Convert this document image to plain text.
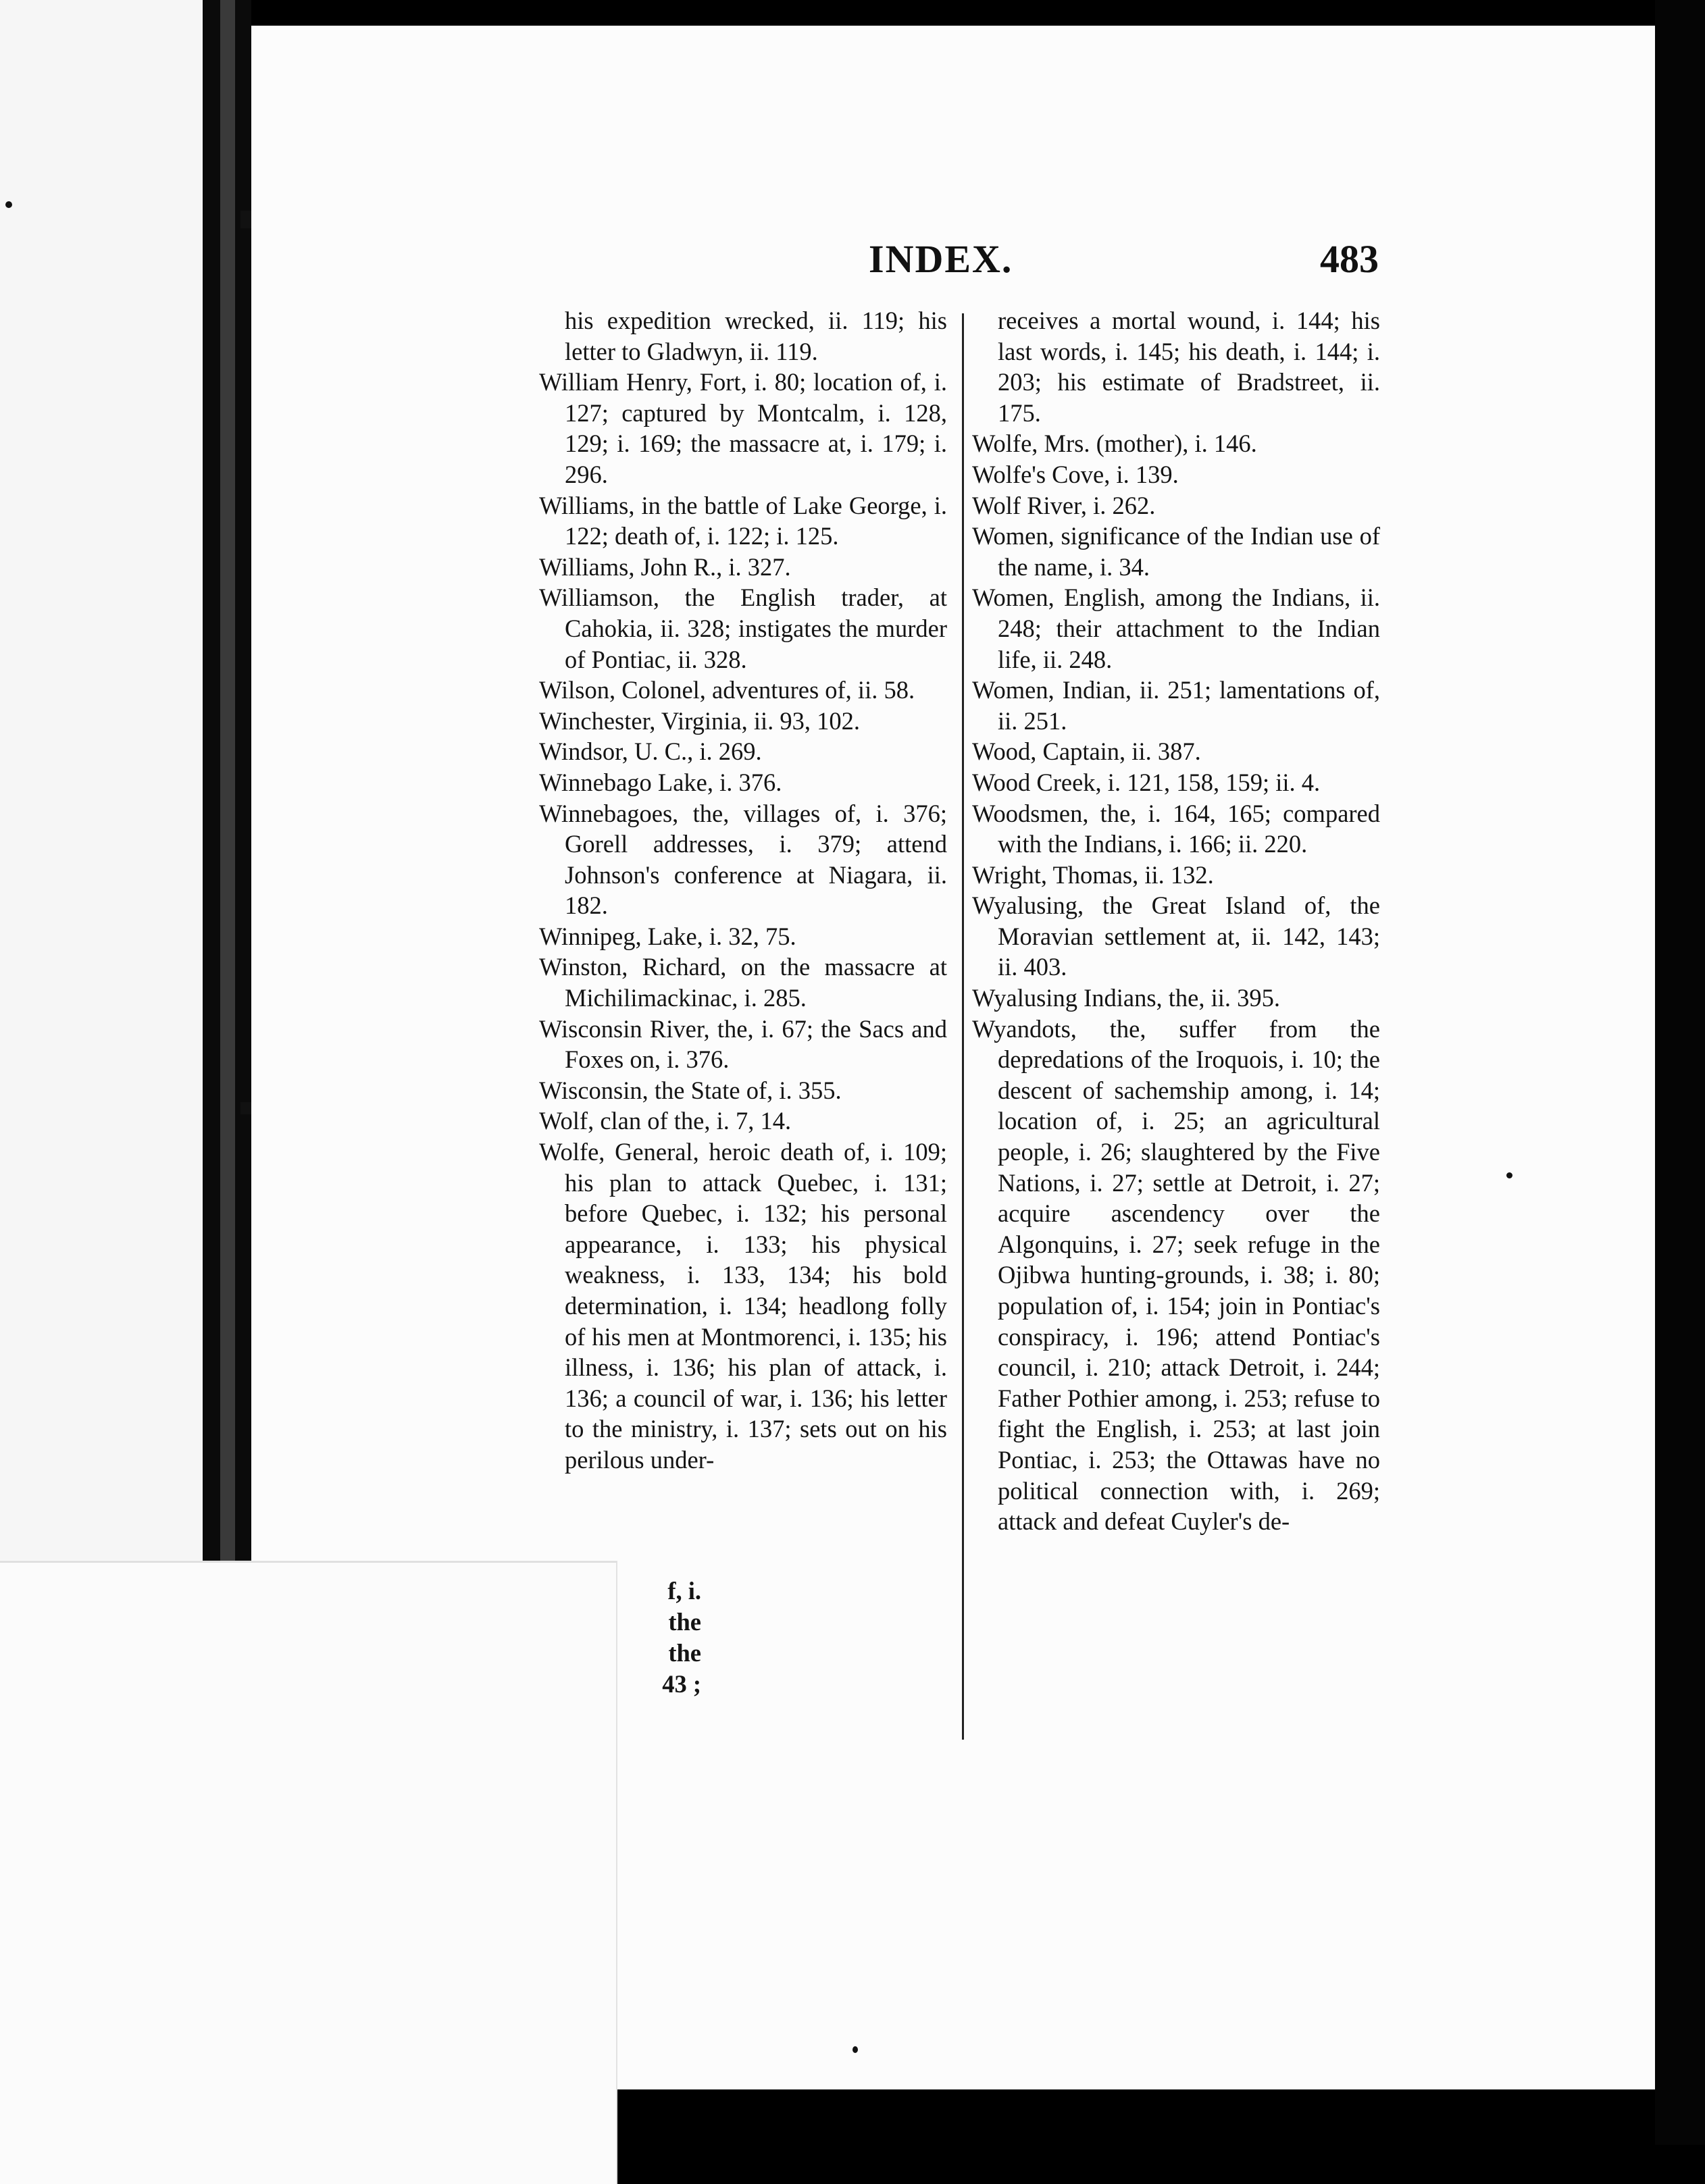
INDEX.	483

his expedition wrecked, ii. 119; his letter to Gladwyn, ii. 119.

William Henry, Fort, i. 80; location of, i. 127; captured by Montcalm, i. 128, 129; i. 169; the massacre at, i. 179; i. 296.

Williams, in the battle of Lake George, i. 122; death of, i. 122; i. 125.

Williams, John R., i. 327.

Williamson, the English trader, at Cahokia, ii. 328; instigates the murder of Pontiac, ii. 328.

Wilson, Colonel, adventures of, ii. 58.

Winchester, Virginia, ii. 93, 102.

Windsor, U. C., i. 269.

Winnebago Lake, i. 376.

Winnebagoes, the, villages of, i. 376; Gorell addresses, i. 379; attend Johnson's conference at Niagara, ii. 182.

Winnipeg, Lake, i. 32, 75.

Winston, Richard, on the massacre at Michilimackinac, i. 285.

Wisconsin River, the, i. 67; the Sacs and Foxes on, i. 376.

Wisconsin, the State of, i. 355.

Wolf, clan of the, i. 7, 14.

Wolfe, General, heroic death of, i. 109; his plan to attack Quebec, i. 131; before Quebec, i. 132; his personal appearance, i. 133; his physical weakness, i. 133, 134; his bold determination, i. 134; headlong folly of his men at Montmorenci, i. 135; his illness, i. 136; his plan of attack, i. 136; a council of war, i. 136; his letter to the ministry, i. 137; sets out on his perilous under-

receives a mortal wound, i. 144; his last words, i. 145; his death, i. 144; i. 203; his estimate of Bradstreet, ii. 175.

Wolfe, Mrs. (mother), i. 146.

Wolfe's Cove, i. 139.

Wolf River, i. 262.

Women, significance of the Indian use of the name, i. 34.

Women, English, among the Indians, ii. 248; their attachment to the Indian life, ii. 248.

Women, Indian, ii. 251; lamentations of, ii. 251.

Wood, Captain, ii. 387.

Wood Creek, i. 121, 158, 159; ii. 4.

Woodsmen, the, i. 164, 165; compared with the Indians, i. 166; ii. 220.

Wright, Thomas, ii. 132.

Wyalusing, the Great Island of, the Moravian settlement at, ii. 142, 143; ii. 403.

Wyalusing Indians, the, ii. 395.

Wyandots, the, suffer from the depredations of the Iroquois, i. 10; the descent of sachemship among, i. 14; location of, i. 25; an agricultural people, i. 26; slaughtered by the Five Nations, i. 27; settle at Detroit, i. 27; acquire ascendency over the Algonquins, i. 27; seek refuge in the Ojibwa hunting-grounds, i. 38; i. 80; population of, i. 154; join in Pontiac's conspiracy, i. 196; attend Pontiac's council, i. 210; attack Detroit, i. 244; Father Pothier among, i. 253; refuse to fight the English, i. 253; at last join Pontiac, i. 253; the Ottawas have no political connection with, i. 269; attack and defeat Cuyler's de-

f, i.
the
the
43 ;
